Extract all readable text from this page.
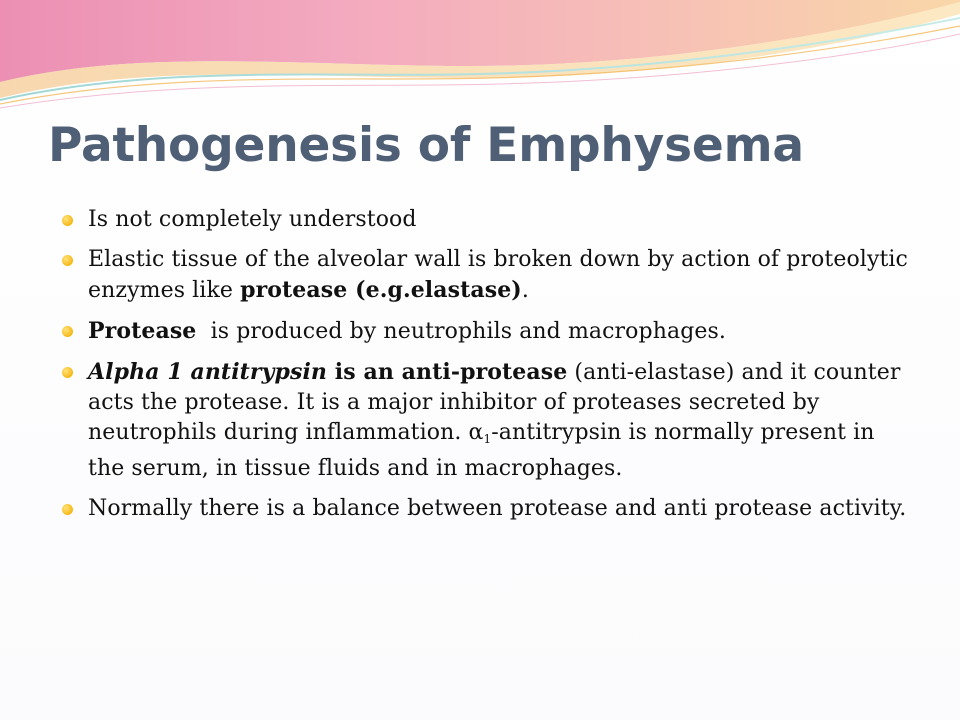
Pathogenesis of Emphysema
Is not completely understood
Elastic tissue of the alveolar wall is broken down by action of proteolytic enzymes like protease (e.g.elastase).
Protease  is produced by neutrophils and macrophages.
Alpha 1 antitrypsin is an anti-protease (anti-elastase) and it counter acts the protease. It is a major inhibitor of proteases secreted by neutrophils during inflammation. $\alpha_1$-antitrypsin is normally present in the serum, in tissue fluids and in macrophages.
Normally there is a balance between protease and anti protease activity.
